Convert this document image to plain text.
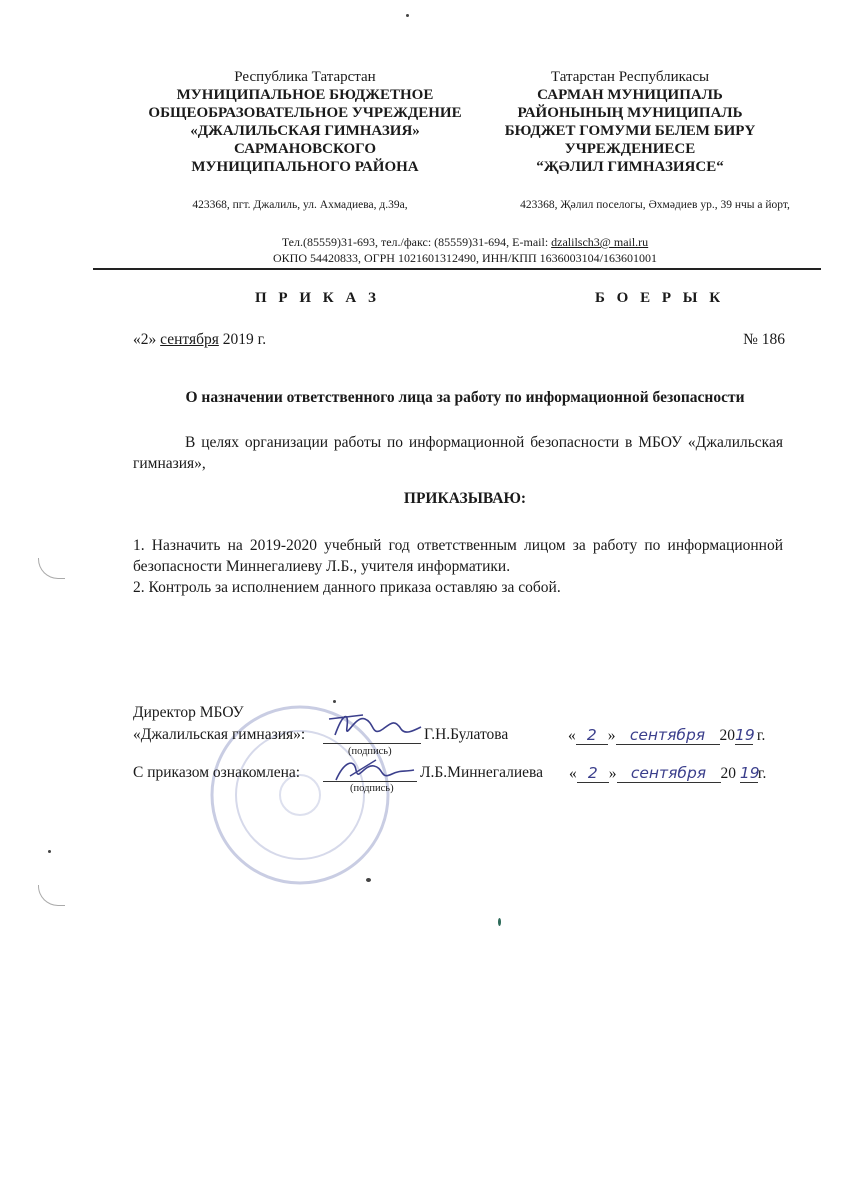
Республика Татарстан
МУНИЦИПАЛЬНОЕ БЮДЖЕТНОЕ
ОБЩЕОБРАЗОВАТЕЛЬНОЕ УЧРЕЖДЕНИЕ
«ДЖАЛИЛЬСКАЯ ГИМНАЗИЯ»
САРМАНОВСКОГО
МУНИЦИПАЛЬНОГО РАЙОНА
423368, пгт. Джалиль, ул. Ахмадиева, д.39а,
Татарстан Республикасы
САРМАН МУНИЦИПАЛЬ
РАЙОНЫНЫҢ МУНИЦИПАЛЬ
БЮДЖЕТ ГОМУМИ БЕЛЕМ БИРҮ
УЧРЕЖДЕНИЕСЕ
“ҖӘЛИЛ ГИМНАЗИЯСЕ“
423368, Җәлил поселогы, Әхмәдиев ур., 39 нчы а йорт,
Тел.(85559)31-693, тел./факс: (85559)31-694, E-mail: dzalilsch3@ mail.ru
ОКПО 54420833, ОГРН 1021601312490, ИНН/КПП 1636003104/163601001
П Р И К А З	Б О Е Р Ы К
«2» сентября 2019 г.	№ 186
О назначении ответственного лица за работу по информационной безопасности
В целях организации работы по информационной безопасности в МБОУ «Джалильская гимназия»,
ПРИКАЗЫВАЮ:
1. Назначить на 2019-2020 учебный год ответственным лицом за работу по информационной безопасности Миннегалиеву Л.Б., учителя информатики.
2. Контроль за исполнением данного приказа оставляю за собой.
Директор МБОУ
«Джалильская гимназия»:
(подпись)
Г.Н.Булатова	« 2 » сентября 2019 г.
С приказом ознакомлена:
(подпись)
Л.Б.Миннегалиева « 2 » сентября 20 19г.
